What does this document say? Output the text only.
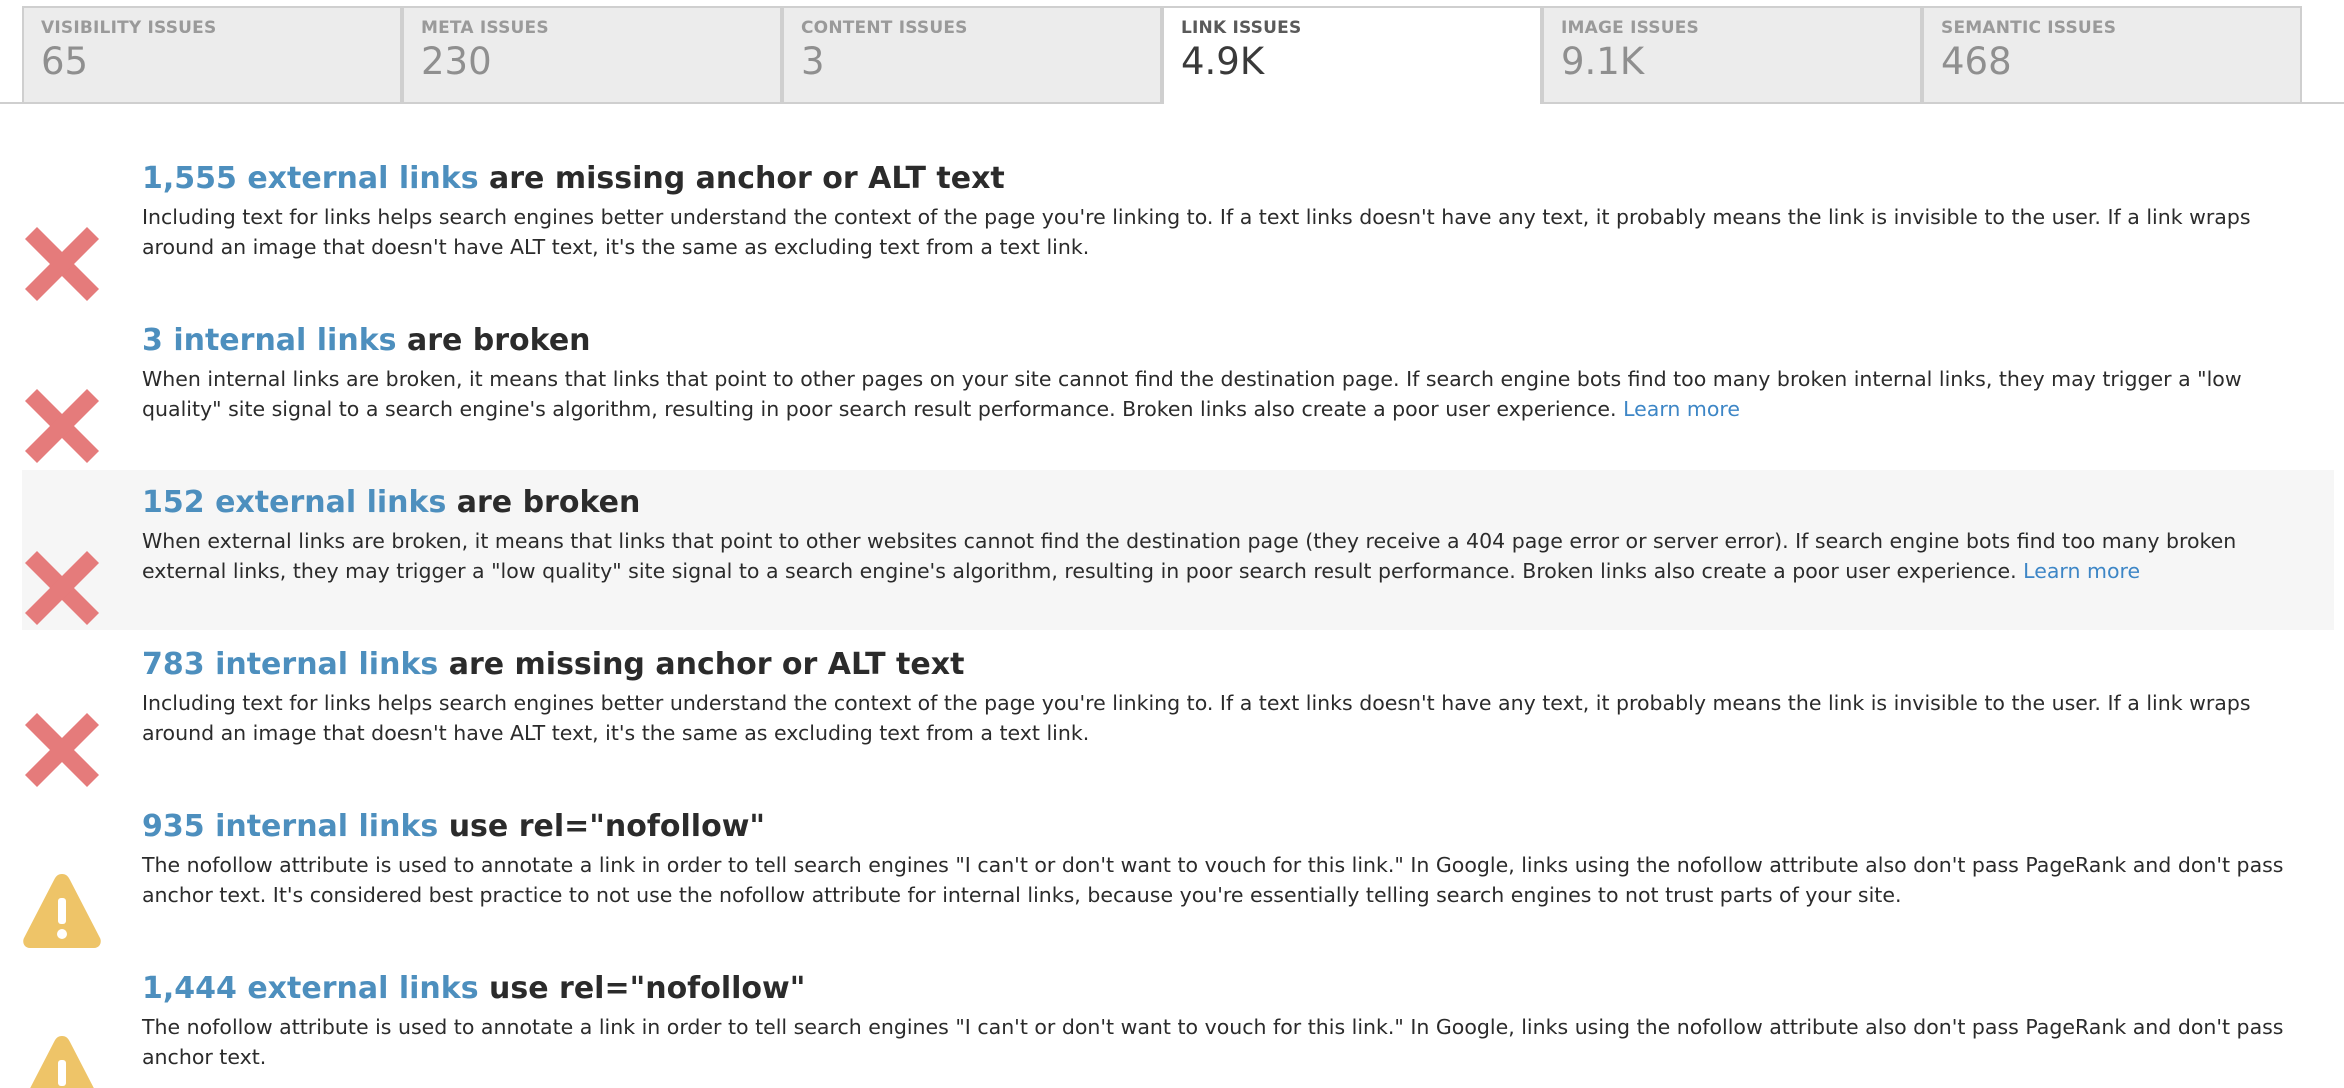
VISIBILITY ISSUES
65
META ISSUES
230
CONTENT ISSUES
3
LINK ISSUES
4.9K
IMAGE ISSUES
9.1K
SEMANTIC ISSUES
468
1,555 external links are missing anchor or ALT text
Including text for links helps search engines better understand the context of the page you're linking to. If a text links doesn't have any text, it probably means the link is invisible to the user. If a link wraps around an image that doesn't have ALT text, it's the same as excluding text from a text link.
3 internal links are broken
When internal links are broken, it means that links that point to other pages on your site cannot find the destination page. If search engine bots find too many broken internal links, they may trigger a "low quality" site signal to a search engine's algorithm, resulting in poor search result performance. Broken links also create a poor user experience. Learn more
152 external links are broken
When external links are broken, it means that links that point to other websites cannot find the destination page (they receive a 404 page error or server error). If search engine bots find too many broken external links, they may trigger a "low quality" site signal to a search engine's algorithm, resulting in poor search result performance. Broken links also create a poor user experience. Learn more
783 internal links are missing anchor or ALT text
Including text for links helps search engines better understand the context of the page you're linking to. If a text links doesn't have any text, it probably means the link is invisible to the user. If a link wraps around an image that doesn't have ALT text, it's the same as excluding text from a text link.
935 internal links use rel="nofollow"
The nofollow attribute is used to annotate a link in order to tell search engines "I can't or don't want to vouch for this link." In Google, links using the nofollow attribute also don't pass PageRank and don't pass anchor text. It's considered best practice to not use the nofollow attribute for internal links, because you're essentially telling search engines to not trust parts of your site.
1,444 external links use rel="nofollow"
The nofollow attribute is used to annotate a link in order to tell search engines "I can't or don't want to vouch for this link." In Google, links using the nofollow attribute also don't pass PageRank and don't pass anchor text.
